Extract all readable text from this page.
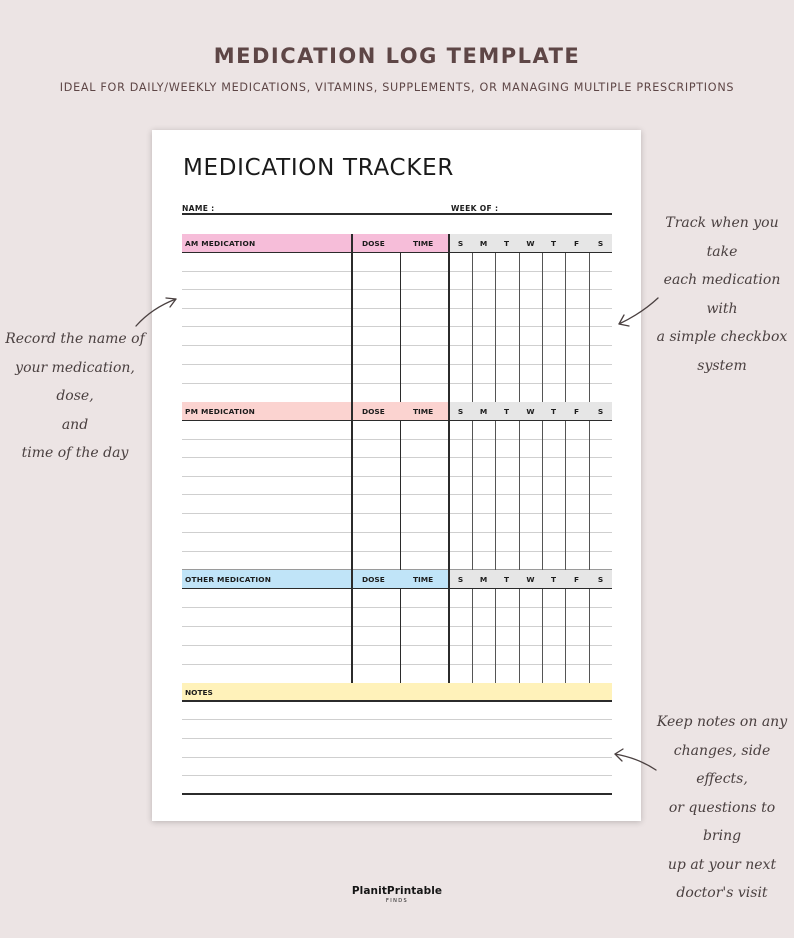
MEDICATION LOG TEMPLATE
IDEAL FOR DAILY/WEEKLY MEDICATIONS, VITAMINS, SUPPLEMENTS, OR MANAGING MULTIPLE PRESCRIPTIONS
MEDICATION TRACKER
NAME :	WEEK OF :
AM MEDICATION	DOSE	TIME	S	M	T	W	T	F	S
PM MEDICATION	DOSE	TIME	S	M	T	W	T	F	S
OTHER MEDICATION	DOSE	TIME	S	M	T	W	T	F	S
NOTES
Record the name of
your medication, dose,
and
time of the day
Track when you take
each medication with
a simple checkbox
system
Keep notes on any
changes, side effects,
or questions to bring
up at your next
doctor's visit
PlanitPrintable
FINDS
